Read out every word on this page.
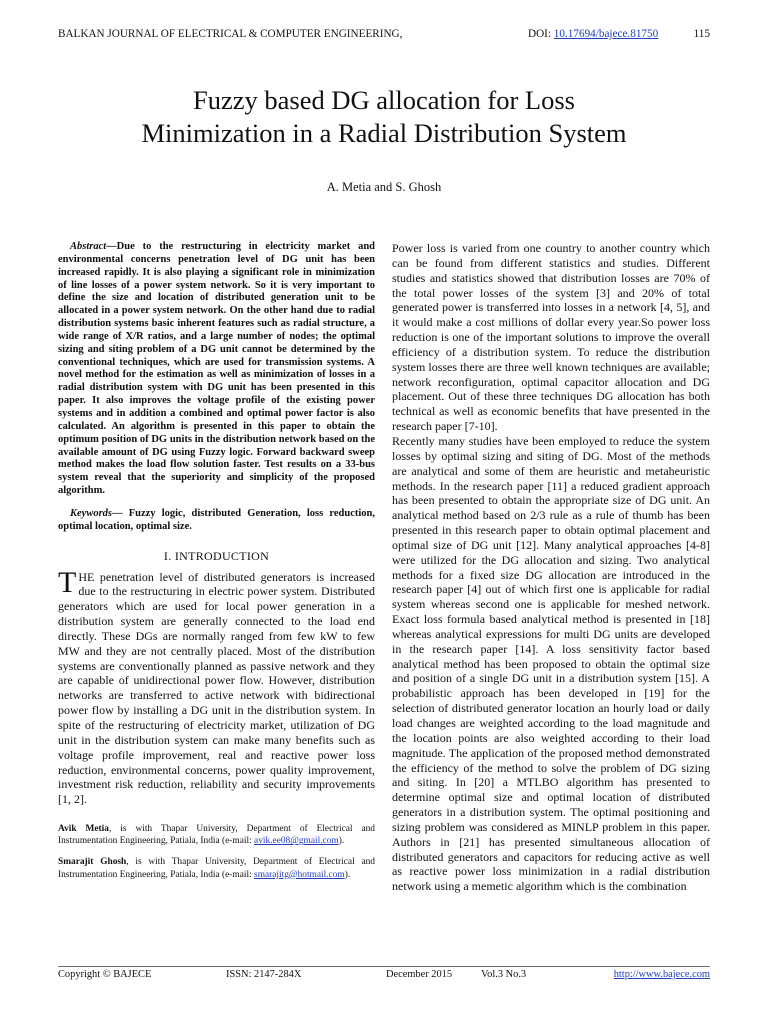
BALKAN JOURNAL OF ELECTRICAL & COMPUTER ENGINEERING,	DOI: 10.17694/bajece.81750	115
Fuzzy based DG allocation for Loss
Minimization in a Radial Distribution System
A. Metia and S. Ghosh

Abstract—Due to the restructuring in electricity market and environmental concerns penetration level of DG unit has been increased rapidly. It is also playing a significant role in minimization of line losses of a power system network. So it is very important to define the size and location of distributed generation unit to be allocated in a power system network. On the other hand due to radial distribution systems basic inherent features such as radial structure, a wide range of X/R ratios, and a large number of nodes; the optimal sizing and siting problem of a DG unit cannot be determined by the conventional techniques, which are used for transmission systems. A novel method for the estimation as well as minimization of losses in a radial distribution system with DG unit has been presented in this paper. It also improves the voltage profile of the existing power systems and in addition a combined and optimal power factor is also calculated. An algorithm is presented in this paper to obtain the optimum position of DG units in the distribution network based on the available amount of DG using Fuzzy logic. Forward backward sweep method makes the load flow solution faster. Test results on a 33-bus system reveal that the superiority and simplicity of the proposed algorithm.

Keywords— Fuzzy logic, distributed Generation, loss reduction, optimal location, optimal size.

I. INTRODUCTION

THE penetration level of distributed generators is increased due to the restructuring in electric power system. Distributed generators which are used for local power generation in a distribution system are generally connected to the load end directly. These DGs are normally ranged from few kW to few MW and they are not centrally placed. Most of the distribution systems are conventionally planned as passive network and they are capable of unidirectional power flow. However, distribution networks are transferred to active network with bidirectional power flow by installing a DG unit in the distribution system. In spite of the restructuring of electricity market, utilization of DG unit in the distribution system can make many benefits such as voltage profile improvement, real and reactive power loss reduction, environmental concerns, power quality improvement, investment risk reduction, reliability and security improvements [1, 2].

Avik Metia, is with Thapar University, Department of Electrical and Instrumentation Engineering, Patiala, India (e-mail: avik.ee08@gmail.com).

Smarajit Ghosh, is with Thapar University, Department of Electrical and Instrumentation Engineering, Patiala, India (e-mail: smarajitg@hotmail.com).

Power loss is varied from one country to another country which can be found from different statistics and studies. Different studies and statistics showed that distribution losses are 70% of the total power losses of the system [3] and 20% of total generated power is transferred into losses in a network [4, 5], and it would make a cost millions of dollar every year.So power loss reduction is one of the important solutions to improve the overall efficiency of a distribution system. To reduce the distribution system losses there are three well known techniques are available; network reconfiguration, optimal capacitor allocation and DG placement. Out of these three techniques DG allocation has both technical as well as economic benefits that have presented in the research paper [7-10].

Recently many studies have been employed to reduce the system losses by optimal sizing and siting of DG. Most of the methods are analytical and some of them are heuristic and metaheuristic methods. In the research paper [11] a reduced gradient approach has been presented to obtain the appropriate size of DG unit. An analytical method based on 2/3 rule as a rule of thumb has been presented in this research paper to obtain optimal placement and optimal size of DG unit [12]. Many analytical approaches [4-8] were utilized for the DG allocation and sizing. Two analytical methods for a fixed size DG allocation are introduced in the research paper [4] out of which first one is applicable for radial system whereas second one is applicable for meshed network. Exact loss formula based analytical method is presented in [18] whereas analytical expressions for multi DG units are developed in the research paper [14]. A loss sensitivity factor based analytical method has been proposed to obtain the optimal size and position of a single DG unit in a distribution system [15]. A probabilistic approach has been developed in [19] for the selection of distributed generator location an hourly load or daily load changes are weighted according to the load magnitude and the location points are also weighted according to their load magnitude. The application of the proposed method demonstrated the efficiency of the method to solve the problem of DG sizing and siting. In [20] a MTLBO algorithm has presented to determine optimal size and optimal location of distributed generators in a distribution system. The optimal positioning and sizing problem was considered as MINLP problem in this paper. Authors in [21] has presented simultaneous allocation of distributed generators and capacitors for reducing active as well as reactive power loss minimization in a radial distribution network using a memetic algorithm which is the combination

Copyright © BAJECE	ISSN: 2147-284X	December 2015	Vol.3 No.3	http://www.bajece.com
